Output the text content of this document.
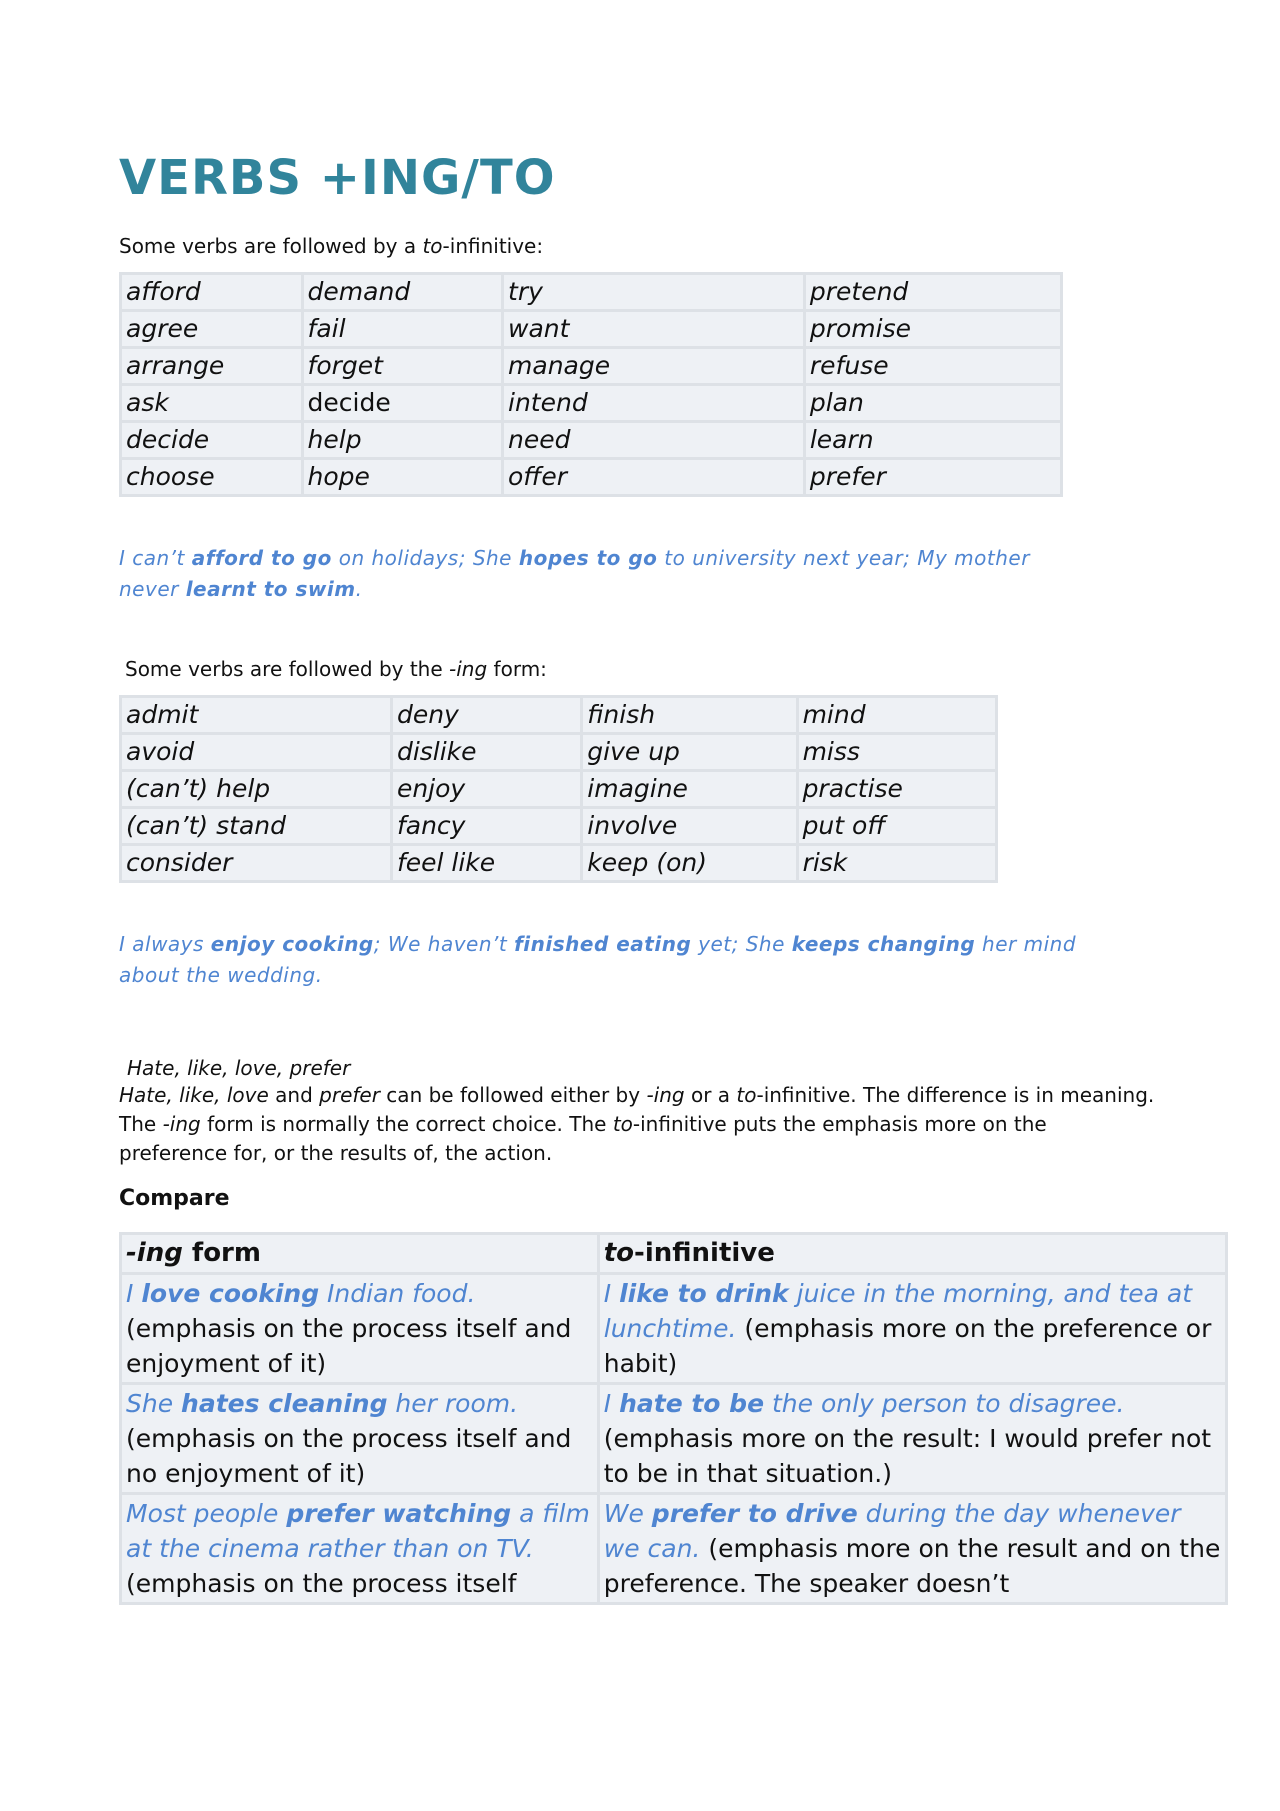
VERBS +ING/TO

Some verbs are followed by a to-infinitive:

afford	demand	try	pretend
agree	fail	want	promise
arrange	forget	manage	refuse
ask	decide	intend	plan
decide	help	need	learn
choose	hope	offer	prefer

I can’t afford to go on holidays; She hopes to go to university next year; My mother never learnt to swim.

Some verbs are followed by the -ing form:

admit	deny	finish	mind
avoid	dislike	give up	miss
(can’t) help	enjoy	imagine	practise
(can’t) stand	fancy	involve	put off
consider	feel like	keep (on)	risk

I always enjoy cooking; We haven’t finished eating yet; She keeps changing her mind about the wedding.

Hate, like, love, prefer

Hate, like, love and prefer can be followed either by -ing or a to-infinitive. The difference is in meaning. The -ing form is normally the correct choice. The to-infinitive puts the emphasis more on the preference for, or the results of, the action.

Compare

-ing form	to-infinitive
I love cooking Indian food. (emphasis on the process itself and enjoyment of it)	I like to drink juice in the morning, and tea at lunchtime. (emphasis more on the preference or habit)
She hates cleaning her room. (emphasis on the process itself and no enjoyment of it)	I hate to be the only person to disagree. (emphasis more on the result: I would prefer not to be in that situation.)
Most people prefer watching a film at the cinema rather than on TV. (emphasis on the process itself	We prefer to drive during the day whenever we can. (emphasis more on the result and on the preference. The speaker doesn’t
